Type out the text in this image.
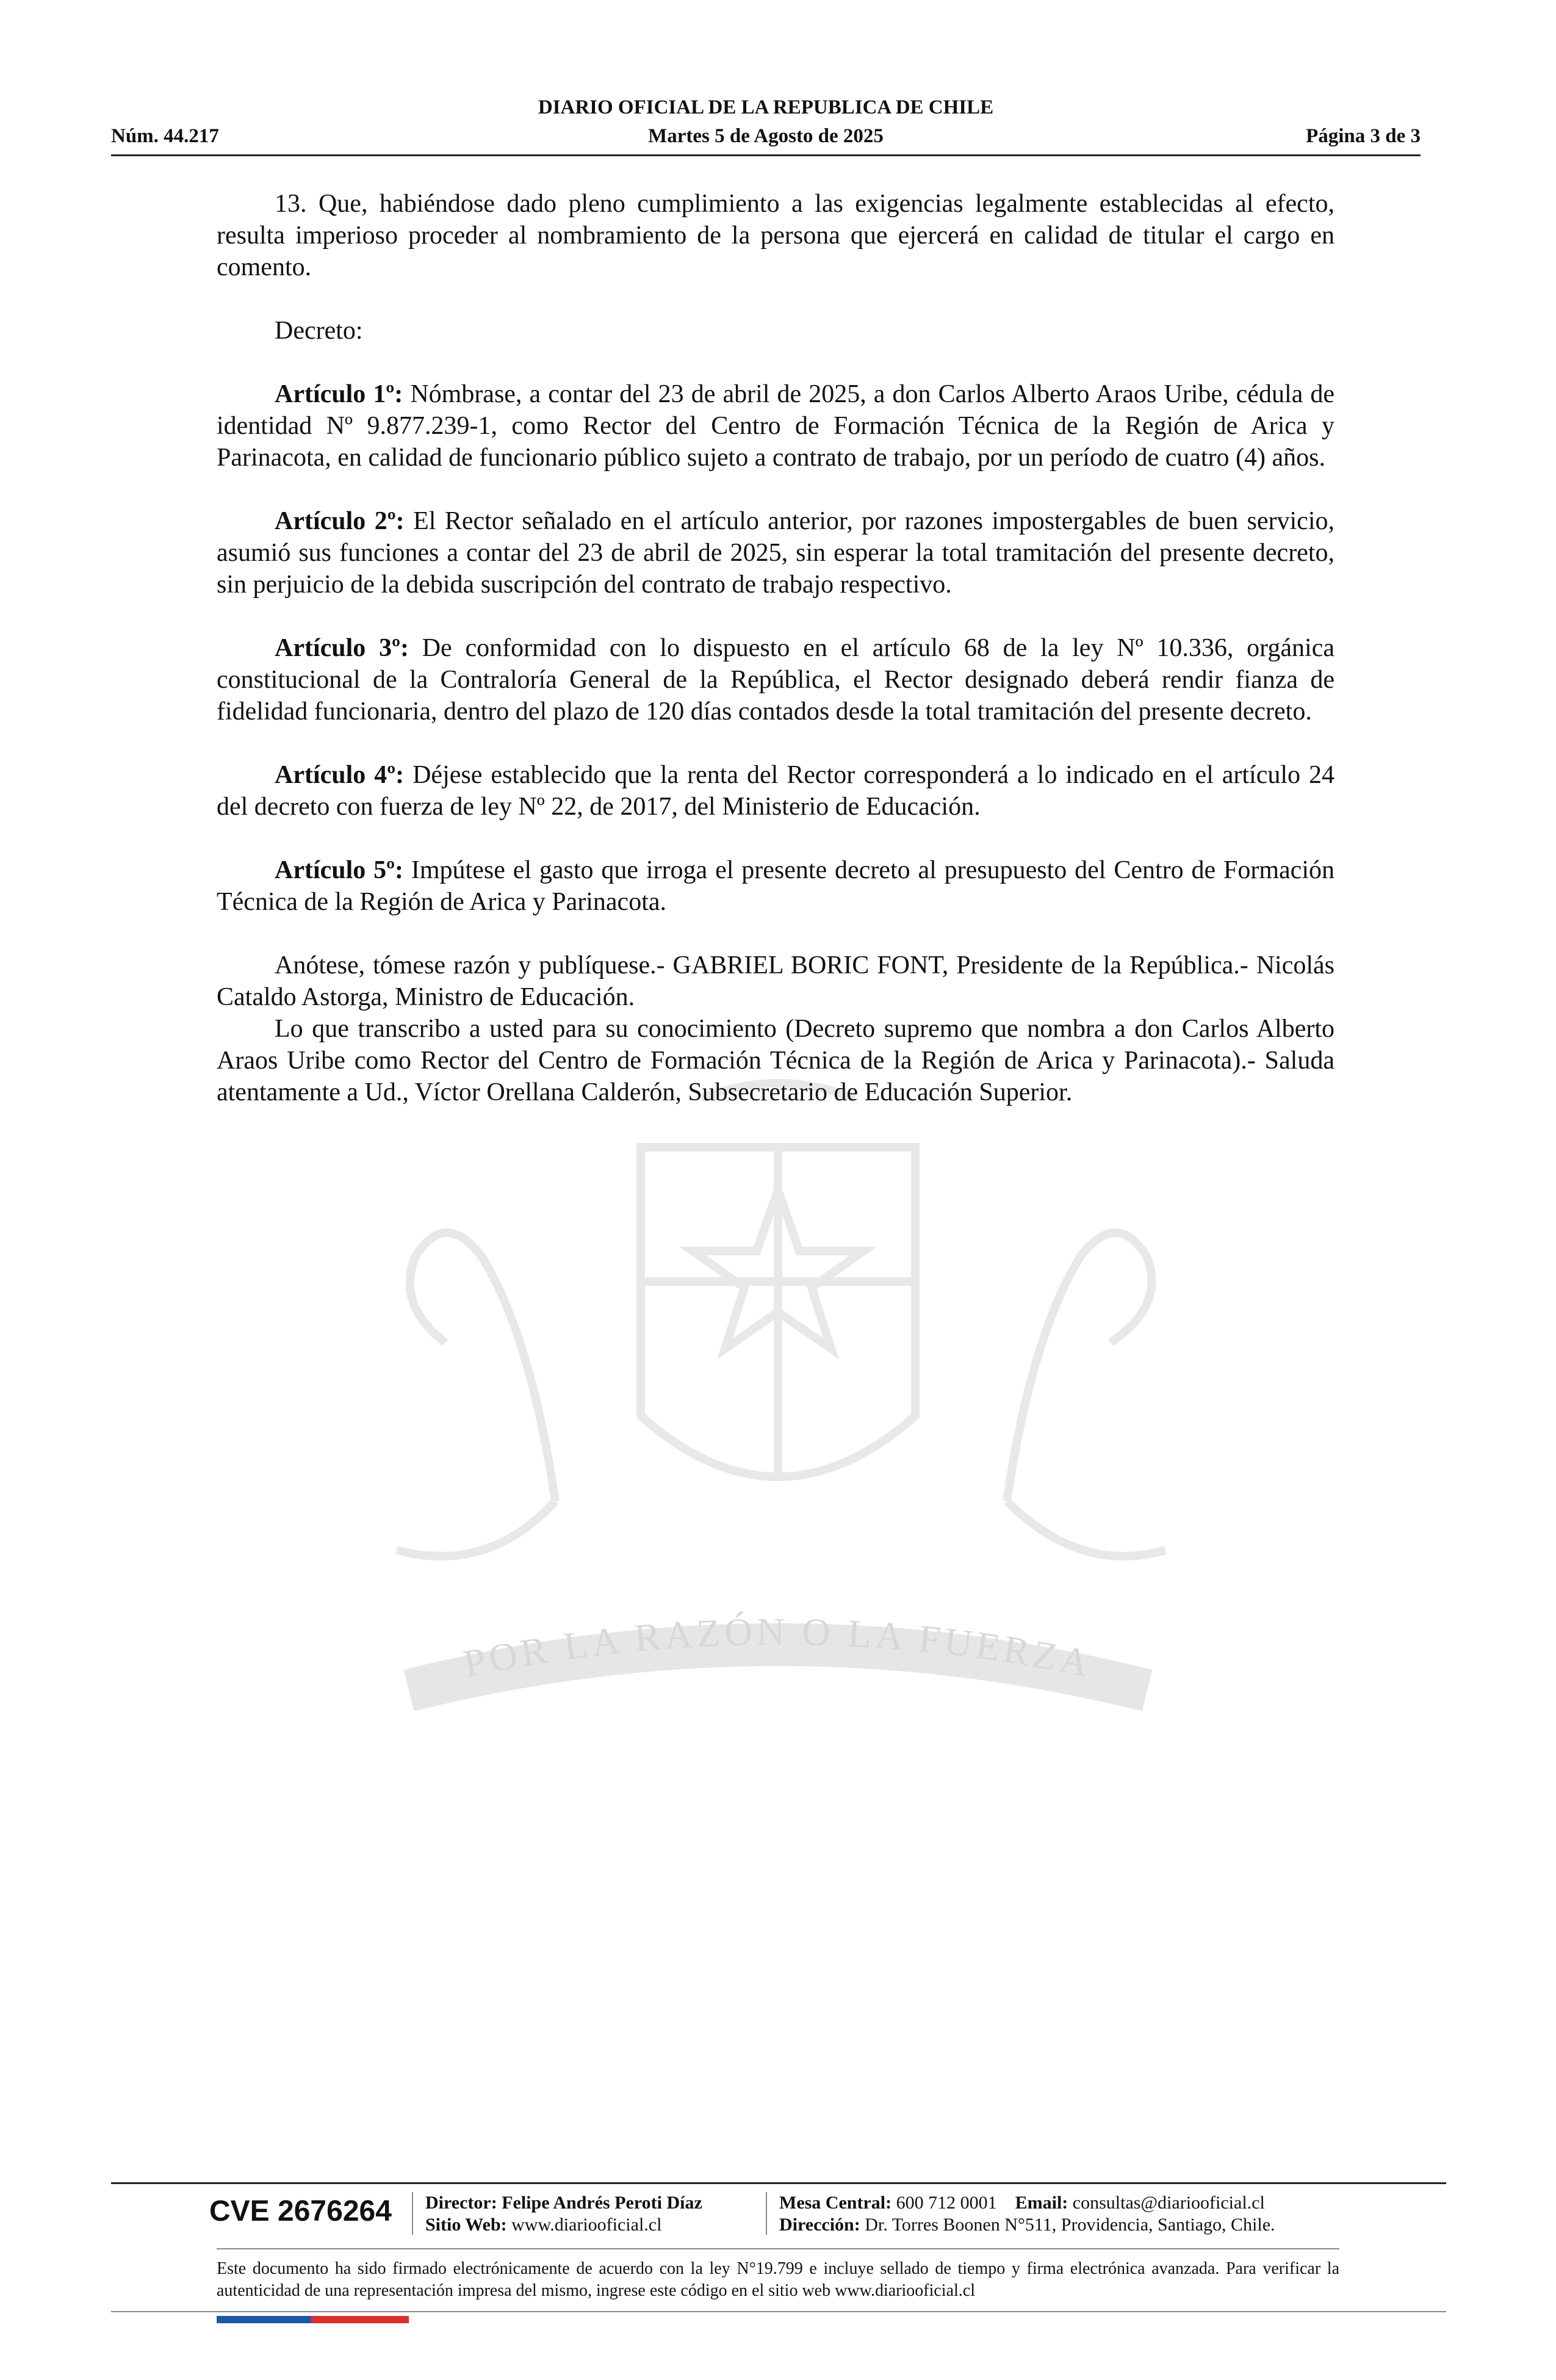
Núm. 44.217
DIARIO OFICIAL DE LA REPUBLICA DE CHILE
Martes 5 de Agosto de 2025	Página 3 de 3
POR LA RAZÓN O LA FUERZA

13. Que, habiéndose dado pleno cumplimiento a las exigencias legalmente establecidas al efecto, resulta imperioso proceder al nombramiento de la persona que ejercerá en calidad de titular el cargo en comento.

Decreto:

Artículo 1º: Nómbrase, a contar del 23 de abril de 2025, a don Carlos Alberto Araos Uribe, cédula de identidad Nº 9.877.239-1, como Rector del Centro de Formación Técnica de la Región de Arica y Parinacota, en calidad de funcionario público sujeto a contrato de trabajo, por un período de cuatro (4) años.

Artículo 2º: El Rector señalado en el artículo anterior, por razones impostergables de buen servicio, asumió sus funciones a contar del 23 de abril de 2025, sin esperar la total tramitación del presente decreto, sin perjuicio de la debida suscripción del contrato de trabajo respectivo.

Artículo 3º: De conformidad con lo dispuesto en el artículo 68 de la ley Nº 10.336, orgánica constitucional de la Contraloría General de la República, el Rector designado deberá rendir fianza de fidelidad funcionaria, dentro del plazo de 120 días contados desde la total tramitación del presente decreto.

Artículo 4º: Déjese establecido que la renta del Rector corresponderá a lo indicado en el artículo 24 del decreto con fuerza de ley Nº 22, de 2017, del Ministerio de Educación.

Artículo 5º: Impútese el gasto que irroga el presente decreto al presupuesto del Centro de Formación Técnica de la Región de Arica y Parinacota.

Anótese, tómese razón y publíquese.- GABRIEL BORIC FONT, Presidente de la República.- Nicolás Cataldo Astorga, Ministro de Educación.

Lo que transcribo a usted para su conocimiento (Decreto supremo que nombra a don Carlos Alberto Araos Uribe como Rector del Centro de Formación Técnica de la Región de Arica y Parinacota).- Saluda atentamente a Ud., Víctor Orellana Calderón, Subsecretario de Educación Superior.

CVE 2676264 Director: Felipe Andrés Peroti Díaz
Sitio Web: www.diariooficial.cl
Mesa Central: 600 712 0001 Email: consultas@diariooficial.cl
Dirección: Dr. Torres Boonen N°511, Providencia, Santiago, Chile.
Este documento ha sido firmado electrónicamente de acuerdo con la ley N°19.799 e incluye sellado de tiempo y firma electrónica avanzada. Para verificar la autenticidad de una representación impresa del mismo, ingrese este código en el sitio web www.diariooficial.cl
